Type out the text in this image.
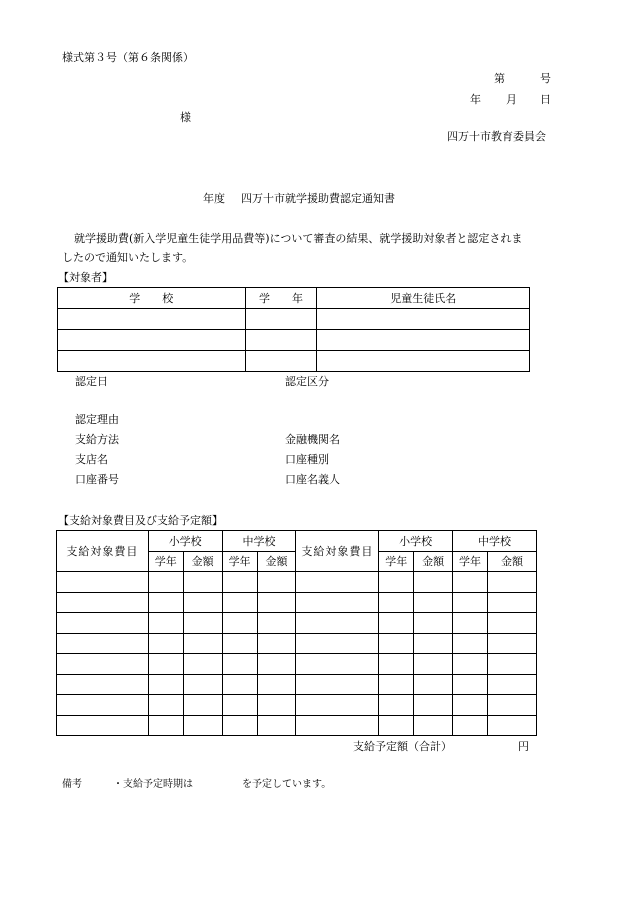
様式第３号（第６条関係）
第	号
年 月 日
様
四万十市教育委員会
年度 四万十市就学援助費認定通知書
就学援助費(新入学児童生徒学用品費等)について審査の結果、就学援助対象者と認定されま
したので通知いたします。
【対象者】
学　　校	学　　年	児童生徒氏名

認定日	認定区分
認定理由
支給方法	金融機関名
支店名	口座種別
口座番号	口座名義人
【支給対象費目及び支給予定額】
支給対象費目	小学校		中学校		支給対象費目	小学校		中学校	
	学年	金額	学年	金額		学年	金額	学年	金額

支給予定額（合計）	円
備考	・支給予定時期は	を予定しています。
